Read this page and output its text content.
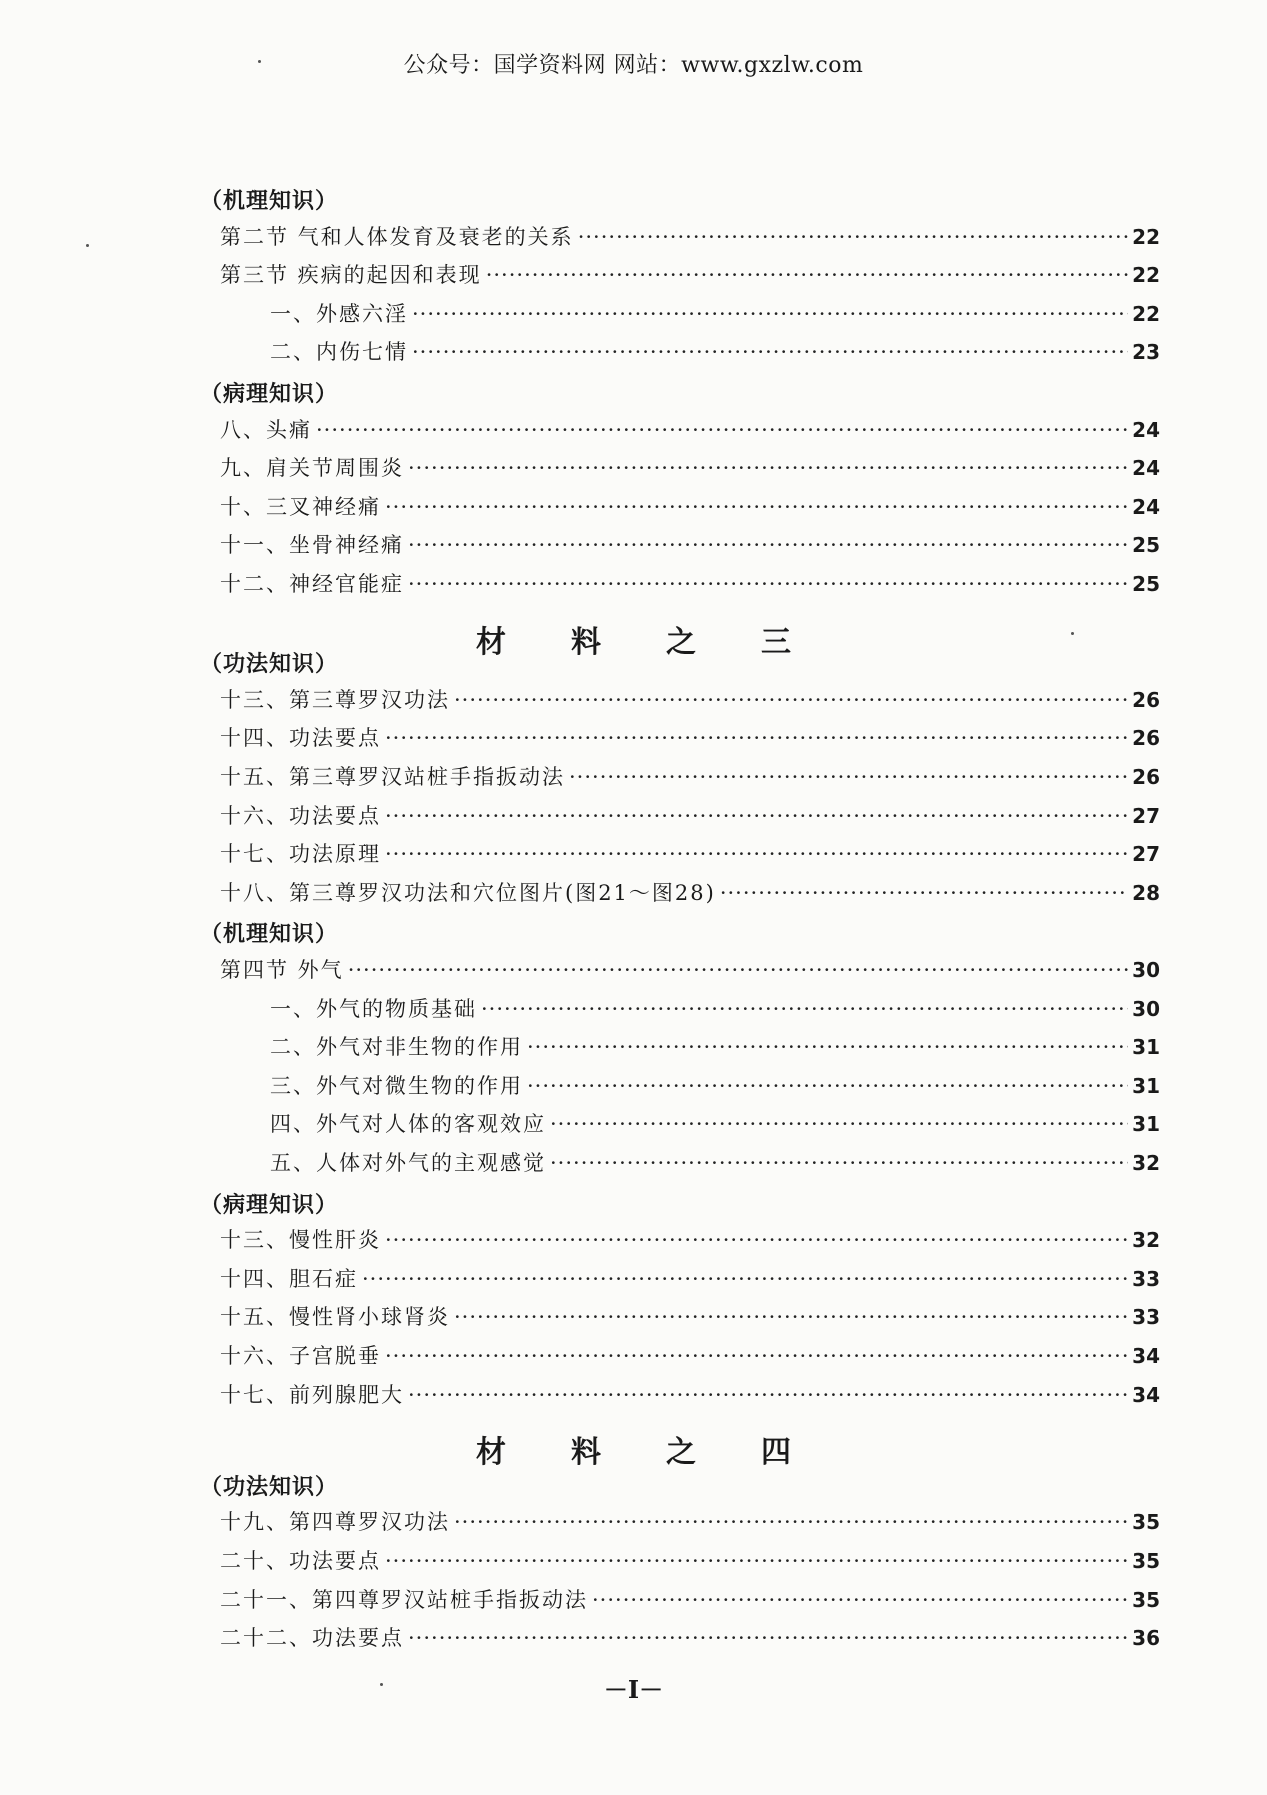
公众号：国学资料网 网站：www.gxzlw.com
（机理知识）
第二节 气和人体发育及衰老的关系 ·····	22
第三节 疾病的起因和表现 ·····	22
一、外感六淫 ·····	22
二、内伤七情 ·····	23
（病理知识）
八、头痛 ·····	24
九、肩关节周围炎 ·····	24
十、三叉神经痛 ·····	24
十一、坐骨神经痛 ·····	25
十二、神经官能症 ·····	25
材 料 之 三
（功法知识）
十三、第三尊罗汉功法 ·····	26
十四、功法要点 ·····	26
十五、第三尊罗汉站桩手指扳动法 ·····	26
十六、功法要点 ·····	27
十七、功法原理 ·····	27
十八、第三尊罗汉功法和穴位图片(图21～图28) ·····	28
（机理知识）
第四节 外气 ·····	30
一、外气的物质基础 ·····	30
二、外气对非生物的作用 ·····	31
三、外气对微生物的作用 ·····	31
四、外气对人体的客观效应 ·····	31
五、人体对外气的主观感觉 ·····	32
（病理知识）
十三、慢性肝炎 ·····	32
十四、胆石症 ·····	33
十五、慢性肾小球肾炎 ·····	33
十六、子宫脱垂 ·····	34
十七、前列腺肥大 ·····	34
材 料 之 四
（功法知识）
十九、第四尊罗汉功法 ·····	35
二十、功法要点 ·····	35
二十一、第四尊罗汉站桩手指扳动法 ·····	35
二十二、功法要点 ·····	36
－Ⅰ－
